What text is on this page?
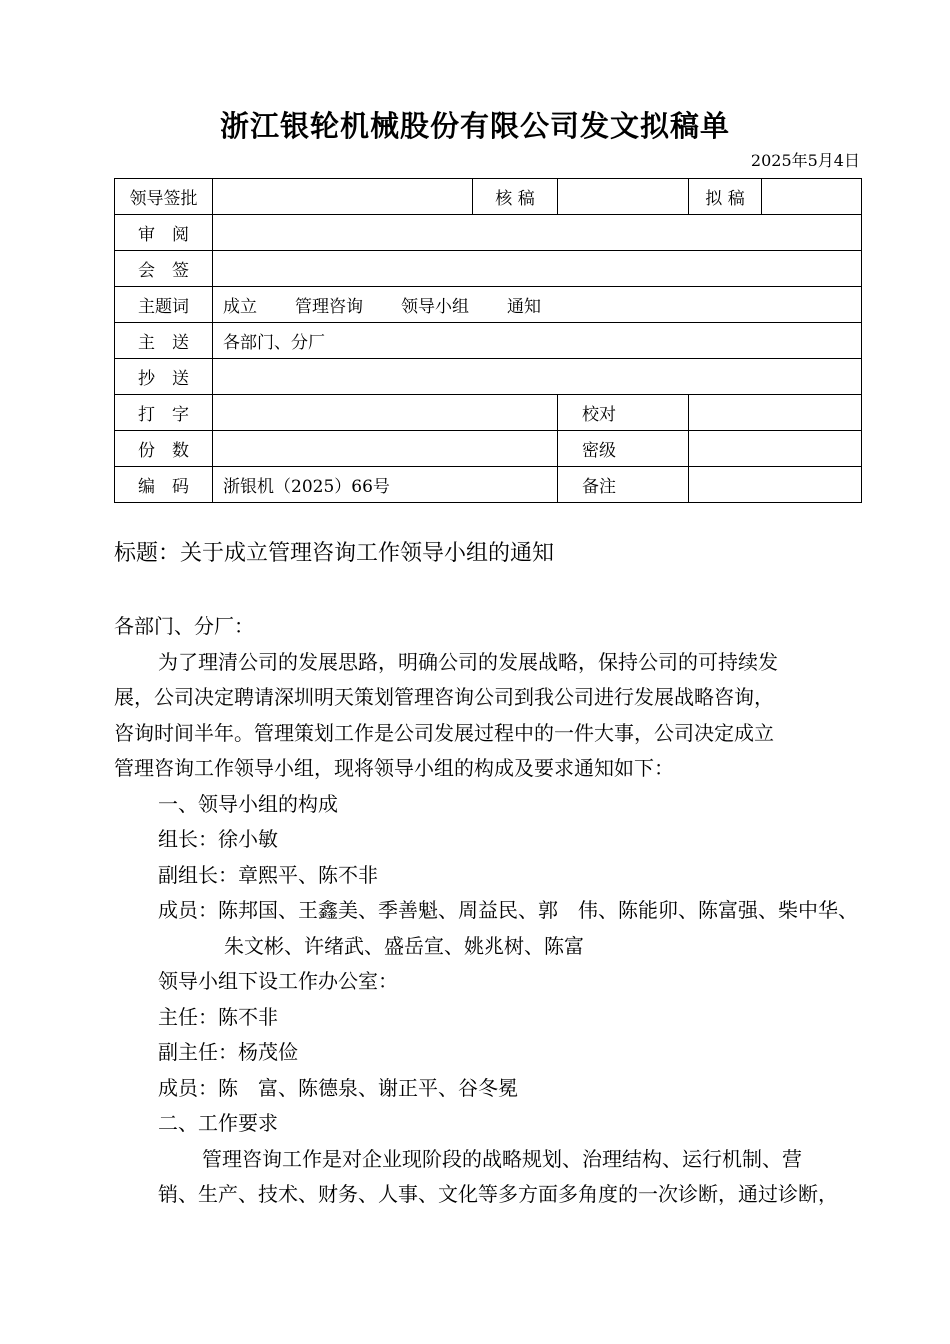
浙江银轮机械股份有限公司发文拟稿单
2025年5月4日
领导签批		核 稿		拟 稿

审　阅				
会　签				
主题词	成立 管理咨询 领导小组 通知			
主　送	各部门、分厂			
抄　送				
打　字			校对	
份　数			密级	
编　码	浙银机（2025）66号		备注	
标题：关于成立管理咨询工作领导小组的通知

各部门、分厂：

为了理清公司的发展思路，明确公司的发展战略，保持公司的可持续发

展，公司决定聘请深圳明天策划管理咨询公司到我公司进行发展战略咨询，

咨询时间半年。管理策划工作是公司发展过程中的一件大事，公司决定成立

管理咨询工作领导小组，现将领导小组的构成及要求通知如下：

一、领导小组的构成

组长：徐小敏

副组长：章熙平、陈不非

成员：陈邦国、王鑫美、季善魁、周益民、郭　伟、陈能卯、陈富强、柴中华、

朱文彬、许绪武、盛岳宣、姚兆树、陈富

领导小组下设工作办公室：

主任：陈不非

副主任：杨茂俭

成员：陈　富、陈德泉、谢正平、谷冬冕

二、工作要求

管理咨询工作是对企业现阶段的战略规划、治理结构、运行机制、营

销、生产、技术、财务、人事、文化等多方面多角度的一次诊断，通过诊断，
